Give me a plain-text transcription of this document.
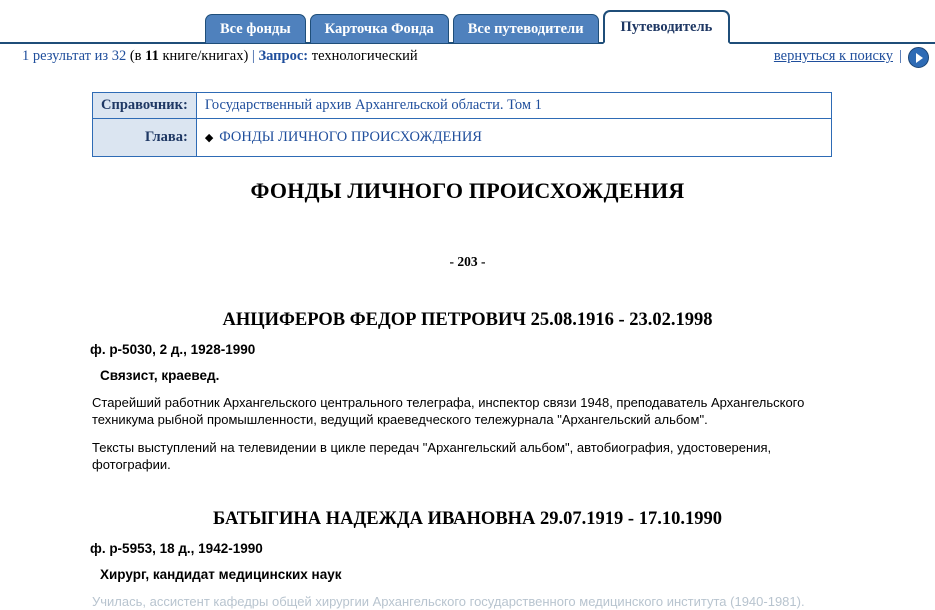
Все фонды	Карточка Фонда	Все путеводители	Путеводитель
1 результат из 32 (в 11 книге/книгах) | Запрос: технологический	вернуться к поиску |
Справочник:	Государственный архив Архангельской области. Том 1
Глава:	◆ ФОНДЫ ЛИЧНОГО ПРОИСХОЖДЕНИЯ
ФОНДЫ ЛИЧНОГО ПРОИСХОЖДЕНИЯ
- 203 -
АНЦИФЕРОВ ФЕДОР ПЕТРОВИЧ 25.08.1916 - 23.02.1998
ф. р-5030, 2 д., 1928-1990
Связист, краевед.
Старейший работник Архангельского центрального телеграфа, инспектор связи 1948, преподаватель Архангельского техникума рыбной промышленности, ведущий краеведческого тележурнала "Архангельский альбом".
Тексты выступлений на телевидении в цикле передач "Архангельский альбом", автобиография, удостоверения, фотографии.
БАТЫГИНА НАДЕЖДА ИВАНОВНА 29.07.1919 - 17.10.1990
ф. р-5953, 18 д., 1942-1990
Хирург, кандидат медицинских наук
Училась, ассистент кафедры общей хирургии Архангельского государственного медицинского института (1940-1981).
